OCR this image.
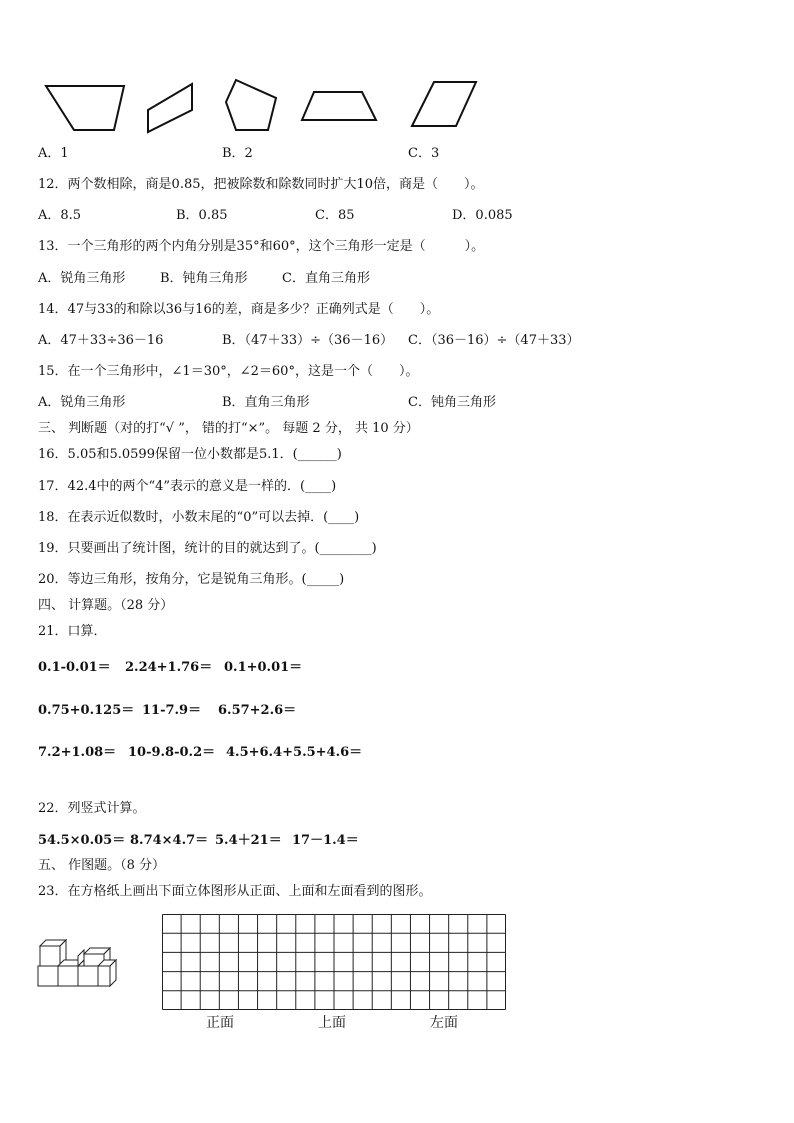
A．1	B．2	C．3
12．两个数相除，商是0.85，把被除数和除数同时扩大10倍，商是（　　）。
A．8.5	B．0.85	C．85	D．0.085
13．一个三角形的两个内角分别是35°和60°，这个三角形一定是（　　　）。
A．锐角三角形	B．钝角三角形	C．直角三角形
14．47与33的和除以36与16的差，商是多少？正确列式是（　　）。
A．47＋33÷36－16	B．（47＋33）÷（36－16） C．（36－16）÷（47＋33）
15．在一个三角形中，∠1＝30°，∠2＝60°，这是一个（　　）。
A．锐角三角形	B．直角三角形	C．钝角三角形
三、 判断题（对的打“√ ”， 错的打“×”。 每题 2 分， 共 10 分）
16．5.05和5.0599保留一位小数都是5.1．(______)
17．42.4中的两个“4”表示的意义是一样的．(____)
18．在表示近似数时，小数末尾的“0”可以去掉．(____)
19．只要画出了统计图，统计的目的就达到了。(________)
20．等边三角形，按角分，它是锐角三角形。(_____)
四、 计算题。（28 分）
21．口算．
0.1-0.01＝ 2.24+1.76＝ 0.1+0.01＝
0.75+0.125＝ 11-7.9＝ 6.57+2.6＝
7.2+1.08＝ 10-9.8-0.2＝ 4.5+6.4+5.5+4.6＝
22．列竖式计算。
54.5×0.05＝ 8.74×4.7＝ 5.4＋21＝ 17－1.4＝
五、 作图题。（8 分）
23．在方格纸上画出下面立体图形从正面、上面和左面看到的图形。
正面	上面	左面
